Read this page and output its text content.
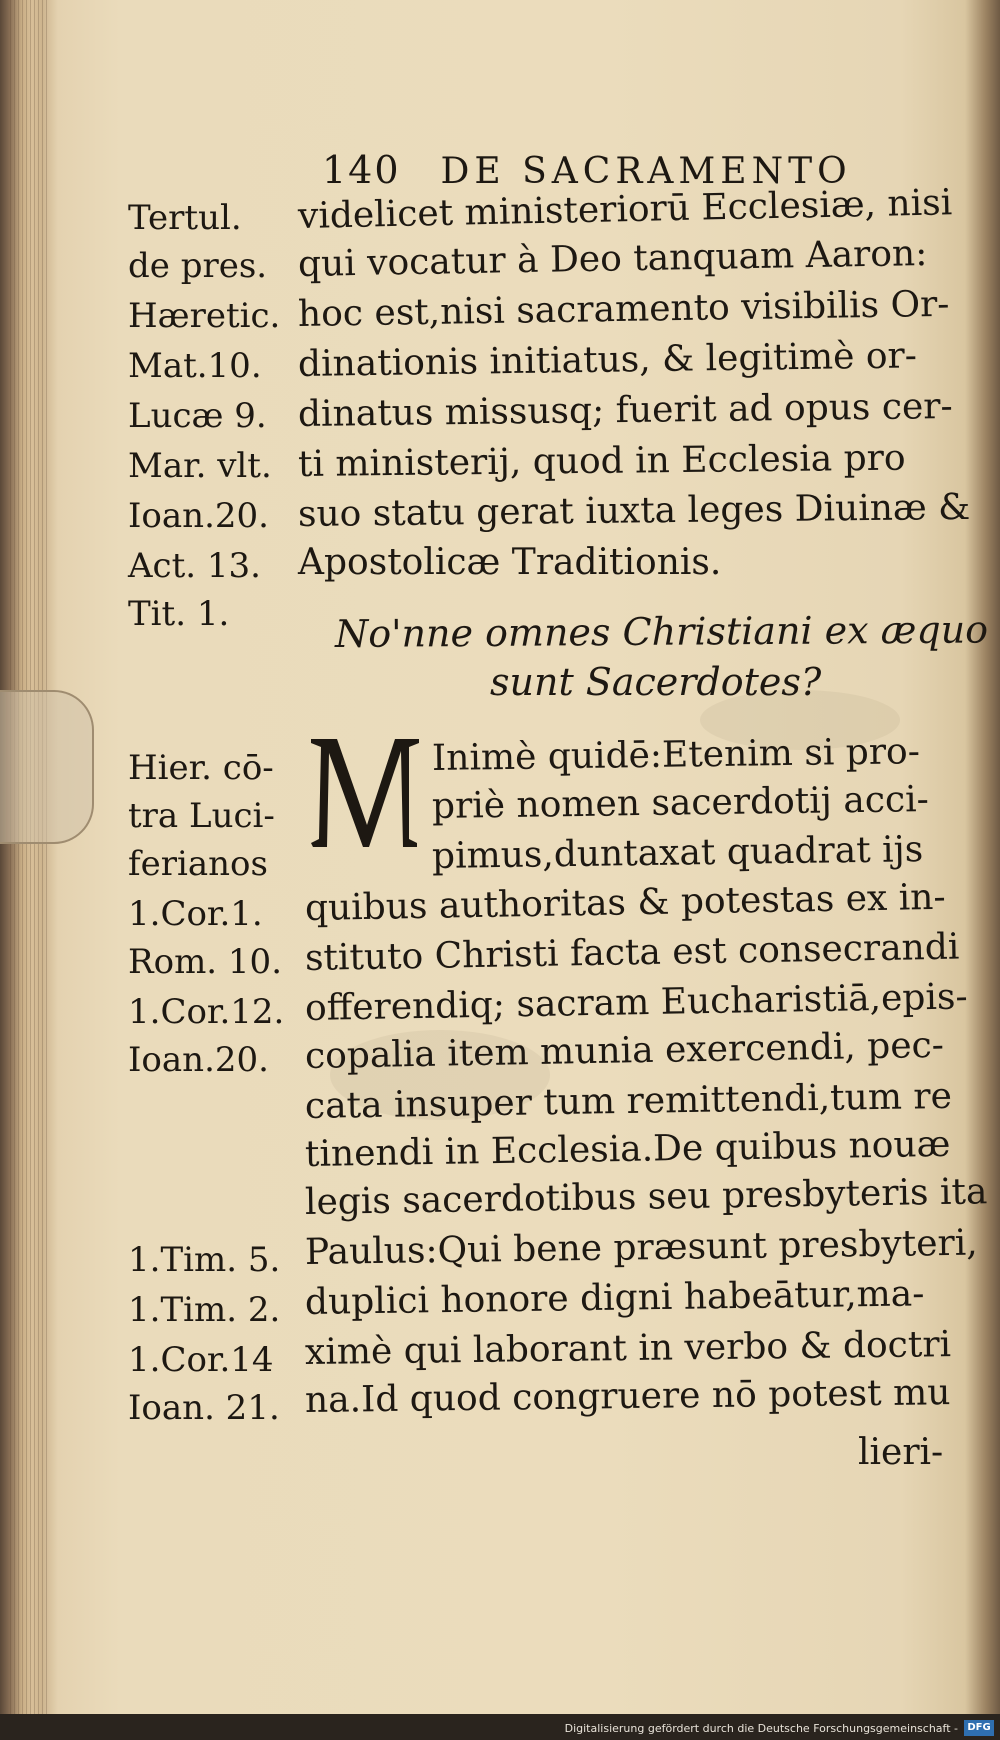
140 DE SACRAMENTO
Tertul.
de pres.
Hæretic.
Mat.10.
Lucæ 9.
Mar. vlt.
Ioan.20.
Act. 13.
Tit. 1.
Hier. cō-
tra Luci-
ferianos
1.Cor.1.
Rom. 10.
1.Cor.12.
Ioan.20.
1.Tim. 5.
1.Tim. 2.
1.Cor.14
Ioan. 21.
videlicet ministeriorū Ecclesiæ, nisi
qui vocatur à Deo tanquam Aaron:
hoc est,nisi sacramento visibilis Or-
dinationis initiatus, & legitimè or-
dinatus missusq; fuerit ad opus cer-
ti ministerij, quod in Ecclesia pro
suo statu gerat iuxta leges Diuinæ &
Apostolicæ Traditionis.
No'nne omnes Christiani ex æquo
sunt Sacerdotes?
Inimè quidē:Etenim si pro-
priè nomen sacerdotij acci-
pimus,duntaxat quadrat ijs
quibus authoritas & potestas ex in-
stituto Christi facta est consecrandi
offerendiq; sacram Eucharistiā,epis-
copalia item munia exercendi, pec-
cata insuper tum remittendi,tum re
tinendi in Ecclesia.De quibus nouæ
legis sacerdotibus seu presbyteris ita
Paulus:Qui bene præsunt presbyteri,
duplici honore digni habeātur,ma-
ximè qui laborant in verbo & doctri
na.Id quod congruere nō potest mu
lieri-
Digitalisierung gefördert durch die Deutsche Forschungsgemeinschaft - DFG
